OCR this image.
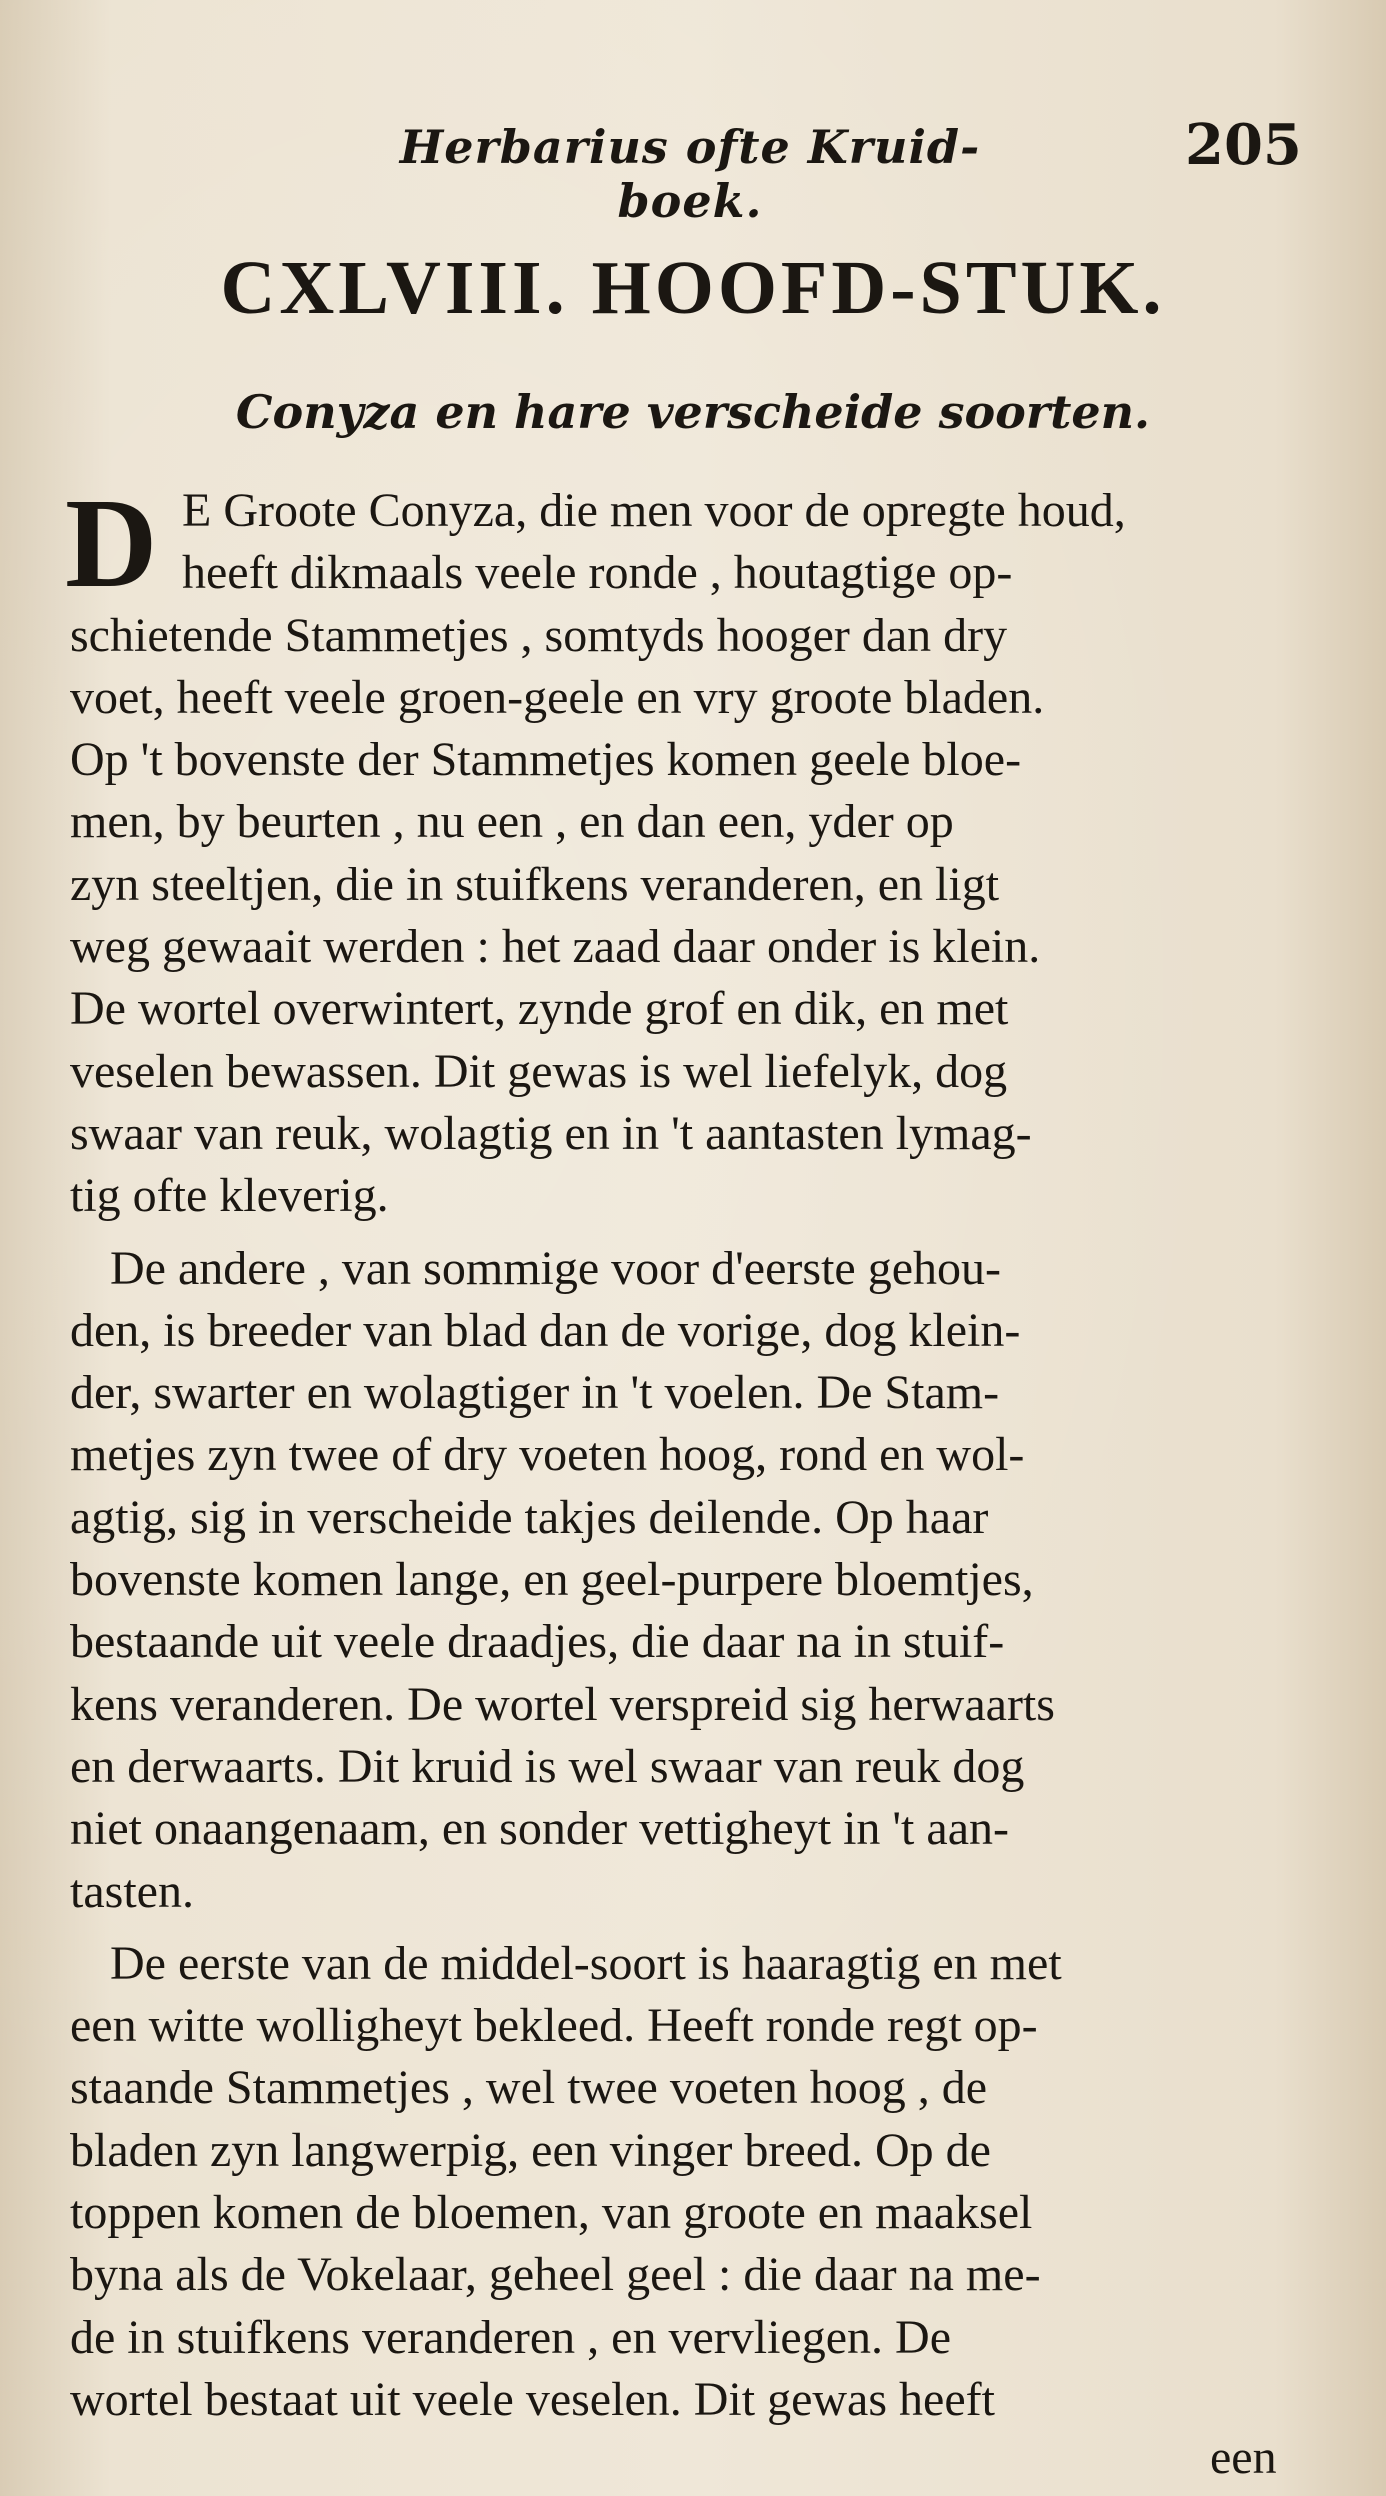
Herbarius ofte Kruid-boek.
205
CXLVIII. HOOFD-STUK.
Conyza en hare verscheide soorten.
D E Groote Conyza, die men voor de opregte houd,
heeft dikmaals veele ronde , houtagtige op-
schietende Stammetjes , somtyds hooger dan dry
voet, heeft veele groen-geele en vry groote bladen.
Op 't bovenste der Stammetjes komen geele bloe-
men, by beurten , nu een , en dan een, yder op
zyn steeltjen, die in stuifkens veranderen, en ligt
weg gewaait werden : het zaad daar onder is klein.
De wortel overwintert, zynde grof en dik, en met
veselen bewassen. Dit gewas is wel liefelyk, dog
swaar van reuk, wolagtig en in 't aantasten lymag-
tig ofte kleverig.
De andere , van sommige voor d'eerste gehou-
den, is breeder van blad dan de vorige, dog klein-
der, swarter en wolagtiger in 't voelen. De Stam-
metjes zyn twee of dry voeten hoog, rond en wol-
agtig, sig in verscheide takjes deilende. Op haar
bovenste komen lange, en geel-purpere bloemtjes,
bestaande uit veele draadjes, die daar na in stuif-
kens veranderen. De wortel verspreid sig herwaarts
en derwaarts. Dit kruid is wel swaar van reuk dog
niet onaangenaam, en sonder vettigheyt in 't aan-
tasten.
De eerste van de middel-soort is haaragtig en met
een witte wolligheyt bekleed. Heeft ronde regt op-
staande Stammetjes , wel twee voeten hoog , de
bladen zyn langwerpig, een vinger breed. Op de
toppen komen de bloemen, van groote en maaksel
byna als de Vokelaar, geheel geel : die daar na me-
de in stuifkens veranderen , en vervliegen. De
wortel bestaat uit veele veselen. Dit gewas heeft
een
